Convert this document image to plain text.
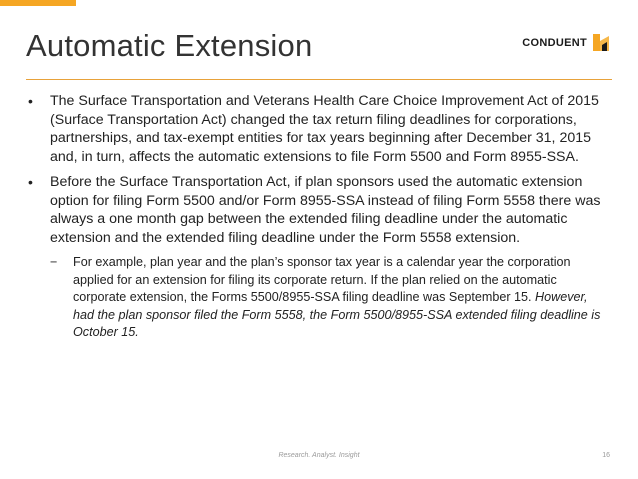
Automatic Extension	CONDUENT
•	The Surface Transportation and Veterans Health Care Choice Improvement Act of 2015 (Surface Transportation Act) changed the tax return filing deadlines for corporations, partnerships, and tax-exempt entities for tax years beginning after December 31, 2015 and, in turn, affects the automatic extensions to file Form 5500 and Form 8955-SSA.
•	Before the Surface Transportation Act, if plan sponsors used the automatic extension option for filing Form 5500 and/or Form 8955-SSA instead of filing Form 5558 there was always a one month gap between the extended filing deadline under the automatic extension and the extended filing deadline under the Form 5558 extension.
−	For example, plan year and the plan’s sponsor tax year is a calendar year the corporation applied for an extension for filing its corporate return. If the plan relied on the automatic corporate extension, the Forms 5500/8955-SSA filing deadline was September 15. However, had the plan sponsor filed the Form 5558, the Form 5500/8955-SSA extended filing deadline is October 15.
Research. Analyst. Insight	16
